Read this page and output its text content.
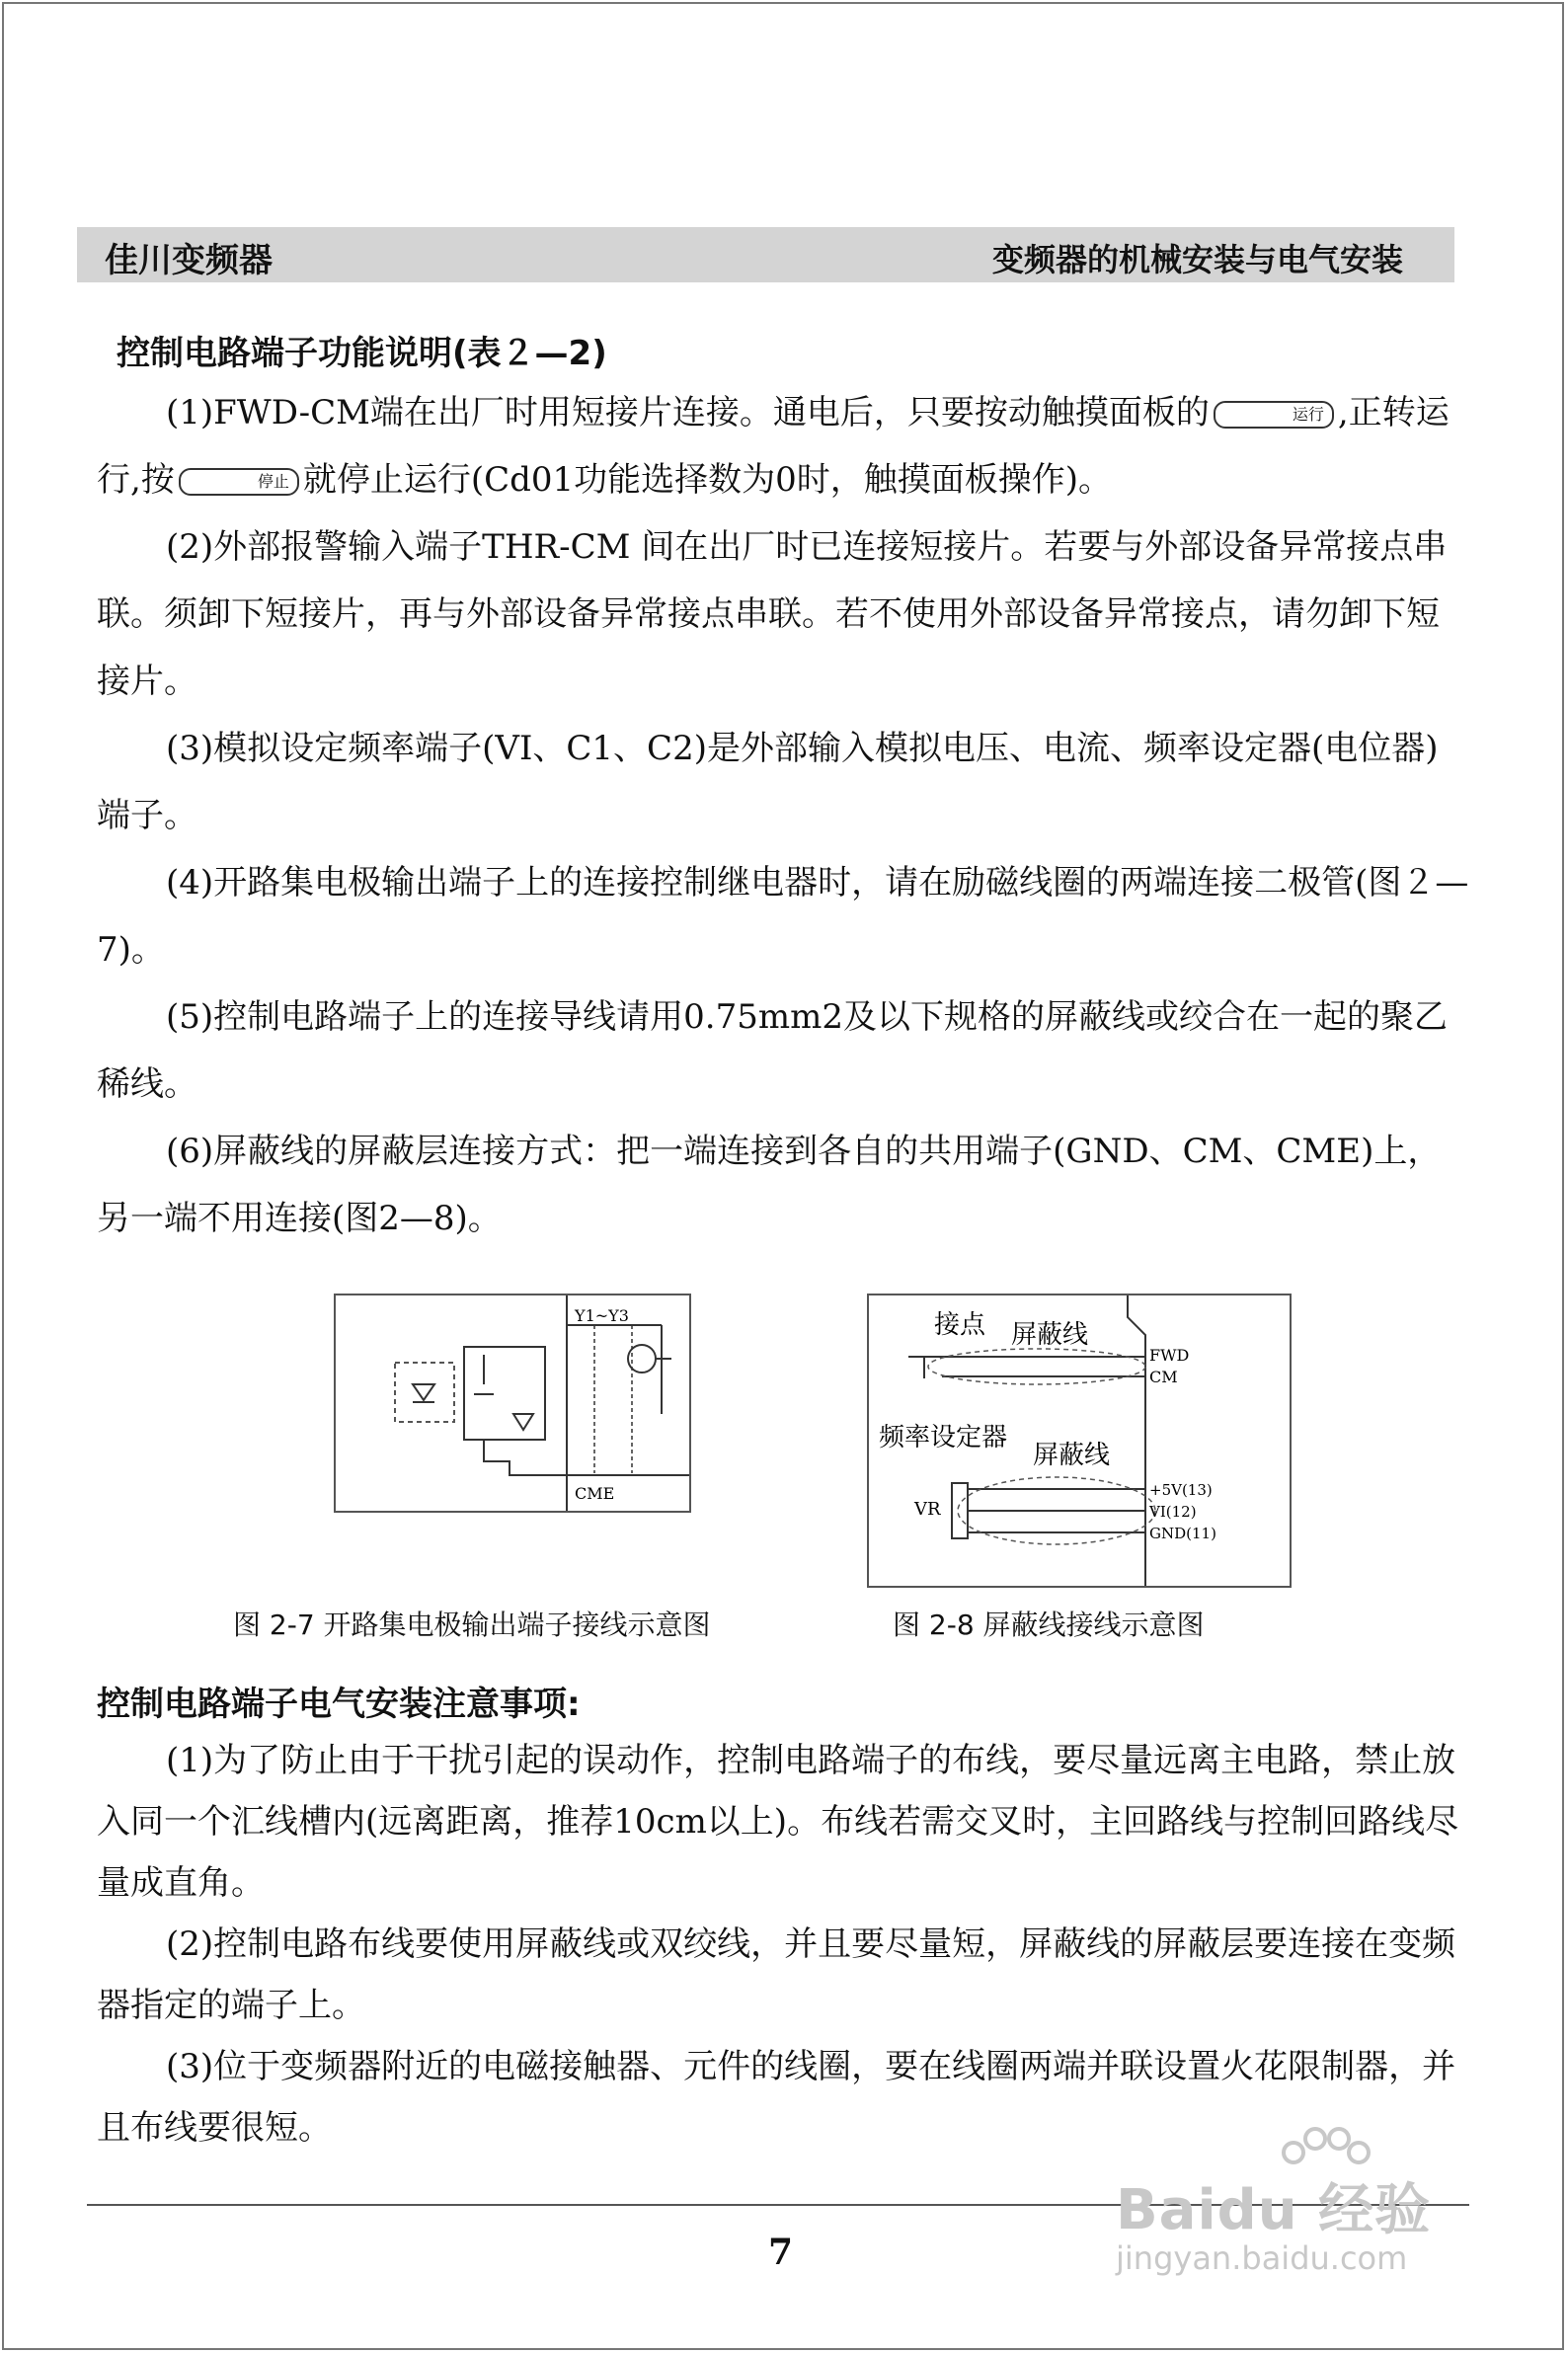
佳川变频器	变频器的机械安装与电气安装
控制电路端子功能说明(表２—2)

(1)FWD-CM端在出厂时用短接片连接。通电后，只要按动触摸面板的	运行 ,正转运行,按	停止 就停止运行(Cd01功能选择数为0时，触摸面板操作)。

(2)外部报警输入端子THR-CM 间在出厂时已连接短接片。若要与外部设备异常接点串联。须卸下短接片，再与外部设备异常接点串联。若不使用外部设备异常接点，请勿卸下短接片。

(3)模拟设定频率端子(VI、C1、C2)是外部输入模拟电压、电流、频率设定器(电位器)端子。

(4)开路集电极输出端子上的连接控制继电器时，请在励磁线圈的两端连接二极管(图２—7)。

(5)控制电路端子上的连接导线请用0.75mm2及以下规格的屏蔽线或绞合在一起的聚乙稀线。

(6)屏蔽线的屏蔽层连接方式：把一端连接到各自的共用端子(GND、CM、CME)上，另一端不用连接(图2—8)。

Y1~Y3
CME
图 2-7 开路集电极输出端子接线示意图
接点 屏蔽线
FWD
CM
频率设定器
屏蔽线
VR
+5V(13)
VI(12)
GND(11)
图 2-8 屏蔽线接线示意图
控制电路端子电气安装注意事项:

(1)为了防止由于干扰引起的误动作，控制电路端子的布线，要尽量远离主电路，禁止放入同一个汇线槽内(远离距离，推荐10cm以上)。布线若需交叉时，主回路线与控制回路线尽量成直角。

(2)控制电路布线要使用屏蔽线或双绞线，并且要尽量短，屏蔽线的屏蔽层要连接在变频器指定的端子上。

(3)位于变频器附近的电磁接触器、元件的线圈，要在线圈两端并联设置火花限制器，并且布线要很短。

7
Baidu 经验
jingyan.baidu.com
